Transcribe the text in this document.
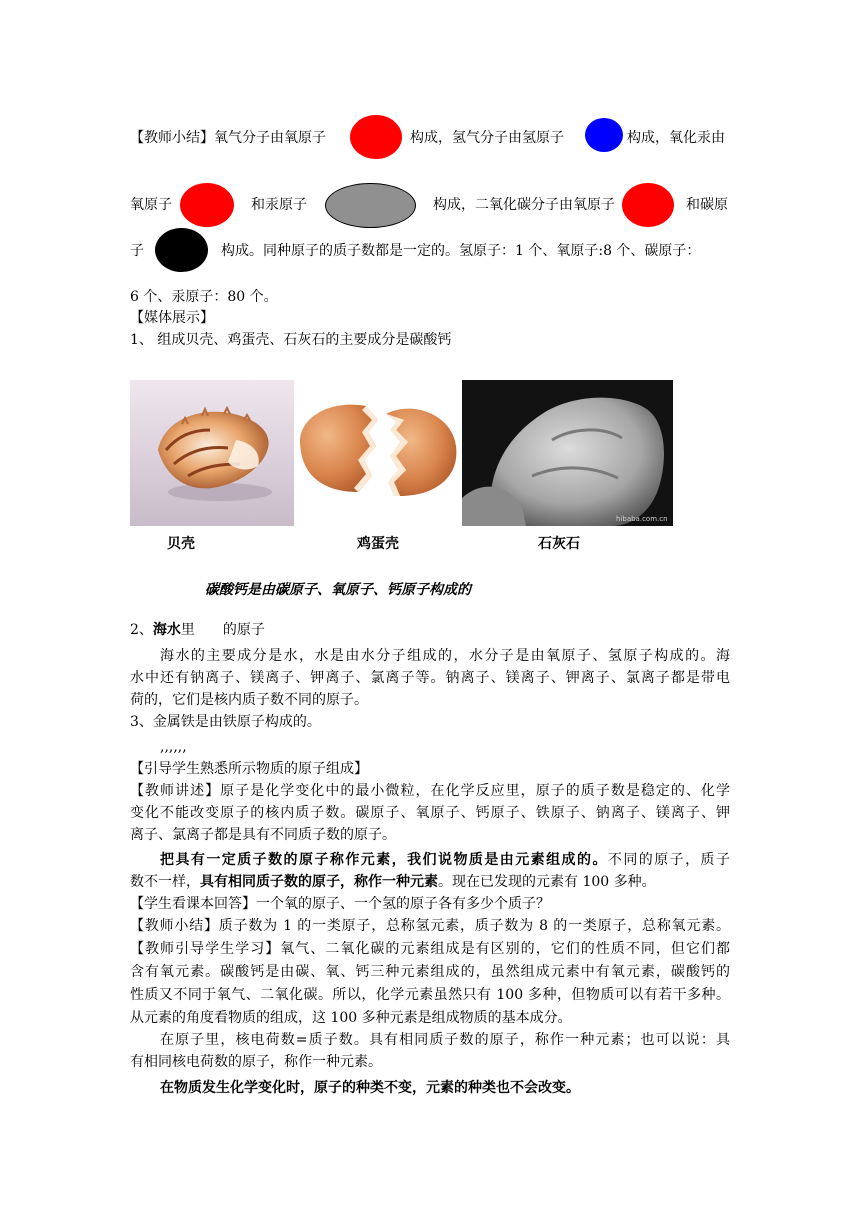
【教师小结】氧气分子由氧原子	构成，氢气分子由氢原子	构成，氧化汞由
氧原子	和汞原子	构成，二氧化碳分子由氧原子	和碳原
子	构成。同种原子的质子数都是一定的。氢原子：1 个、氧原子:8 个、碳原子：
6 个、汞原子：80 个。
【媒体展示】
1、 组成贝壳、鸡蛋壳、石灰石的主要成分是碳酸钙
hibaba.com.cn
贝壳	鸡蛋壳	石灰石
碳酸钙是由碳原子、氧原子、钙原子构成的
2、海水里 的原子
海水的主要成分是水，水是由水分子组成的，水分子是由氧原子、氢原子构成的。海
水中还有钠离子、镁离子、钾离子、氯离子等。钠离子、镁离子、钾离子、氯离子都是带电
荷的，它们是核内质子数不同的原子。
3、金属铁是由铁原子构成的。
,,,,,,
【引导学生熟悉所示物质的原子组成】
【教师讲述】原子是化学变化中的最小微粒，在化学反应里，原子的质子数是稳定的、化学
变化不能改变原子的核内质子数。碳原子、氧原子、钙原子、铁原子、钠离子、镁离子、钾
离子、氯离子都是具有不同质子数的原子。
把具有一定质子数的原子称作元素，我们说物质是由元素组成的。不同的原子，质子
数不一样，具有相同质子数的原子，称作一种元素。现在已发现的元素有 100 多种。
【学生看课本回答】一个氧的原子、一个氢的原子各有多少个质子？
【教师小结】质子数为 1 的一类原子，总称氢元素，质子数为 8 的一类原子，总称氧元素。
【教师引导学生学习】氧气、二氧化碳的元素组成是有区别的，它们的性质不同，但它们都
含有氧元素。碳酸钙是由碳、氧、钙三种元素组成的，虽然组成元素中有氧元素，碳酸钙的
性质又不同于氧气、二氧化碳。所以，化学元素虽然只有 100 多种，但物质可以有若干多种。
从元素的角度看物质的组成，这 100 多种元素是组成物质的基本成分。
在原子里，核电荷数=质子数。具有相同质子数的原子，称作一种元素；也可以说：具
有相同核电荷数的原子，称作一种元素。
在物质发生化学变化时，原子的种类不变，元素的种类也不会改变。
